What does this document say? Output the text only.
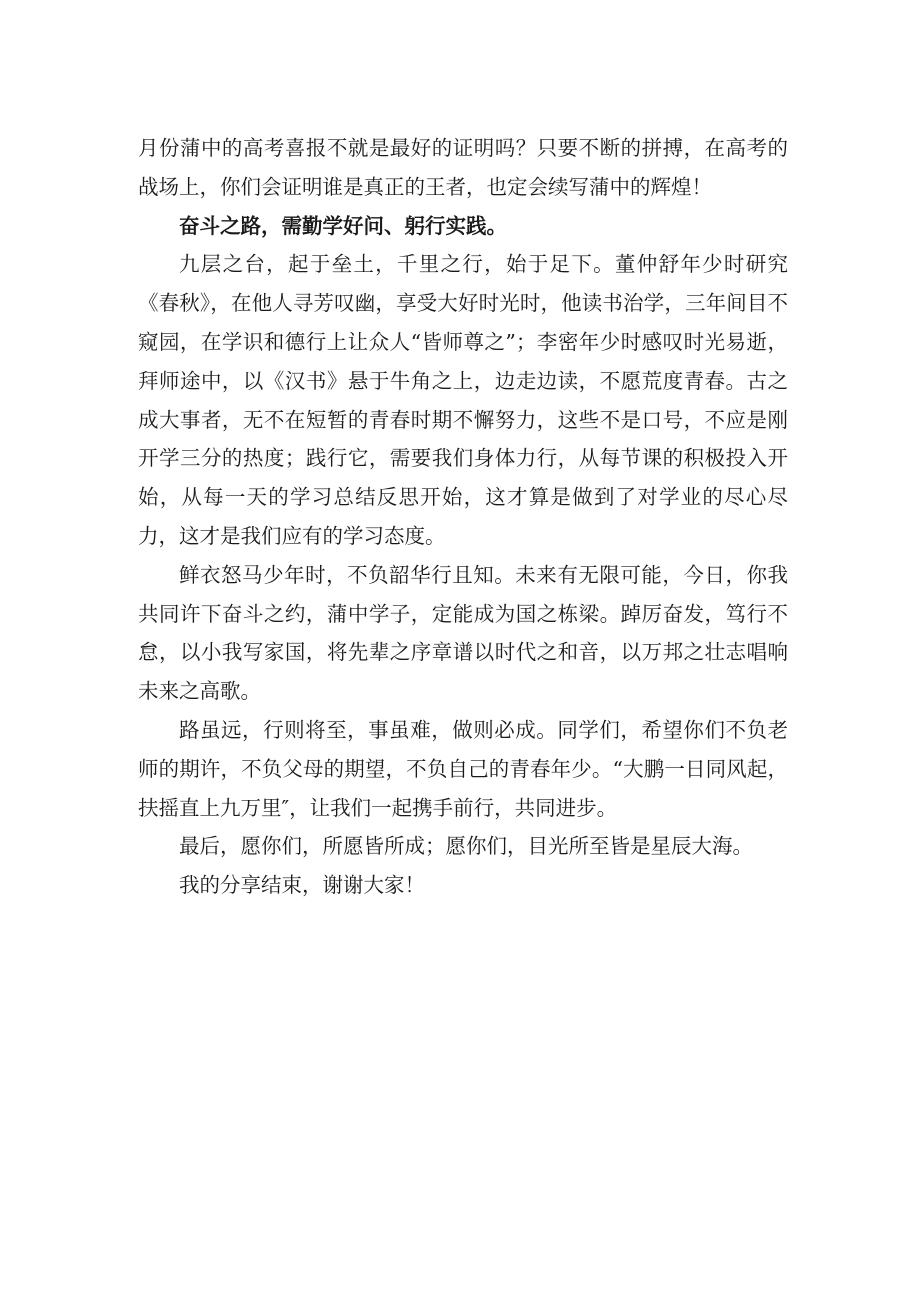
月份蒲中的高考喜报不就是最好的证明吗？只要不断的拼搏，在高考的战场上，你们会证明谁是真正的王者，也定会续写蒲中的辉煌！

奋斗之路，需勤学好问、躬行实践。

九层之台，起于垒土，千里之行，始于足下。董仲舒年少时研究《春秋》，在他人寻芳叹幽，享受大好时光时，他读书治学，三年间目不窥园，在学识和德行上让众人“皆师尊之”；李密年少时感叹时光易逝，拜师途中，以《汉书》悬于牛角之上，边走边读，不愿荒度青春。古之成大事者，无不在短暂的青春时期不懈努力，这些不是口号，不应是刚开学三分的热度；践行它，需要我们身体力行，从每节课的积极投入开始，从每一天的学习总结反思开始，这才算是做到了对学业的尽心尽力，这才是我们应有的学习态度。

鲜衣怒马少年时，不负韶华行且知。未来有无限可能，今日，你我共同许下奋斗之约，蒲中学子，定能成为国之栋梁。踔厉奋发，笃行不怠，以小我写家国，将先辈之序章谱以时代之和音，以万邦之壮志唱响未来之高歌。

路虽远，行则将至，事虽难，做则必成。同学们，希望你们不负老师的期许，不负父母的期望，不负自己的青春年少。“大鹏一日同风起，扶摇直上九万里″，让我们一起携手前行，共同进步。

最后，愿你们，所愿皆所成；愿你们，目光所至皆是星辰大海。

我的分享结束，谢谢大家！
